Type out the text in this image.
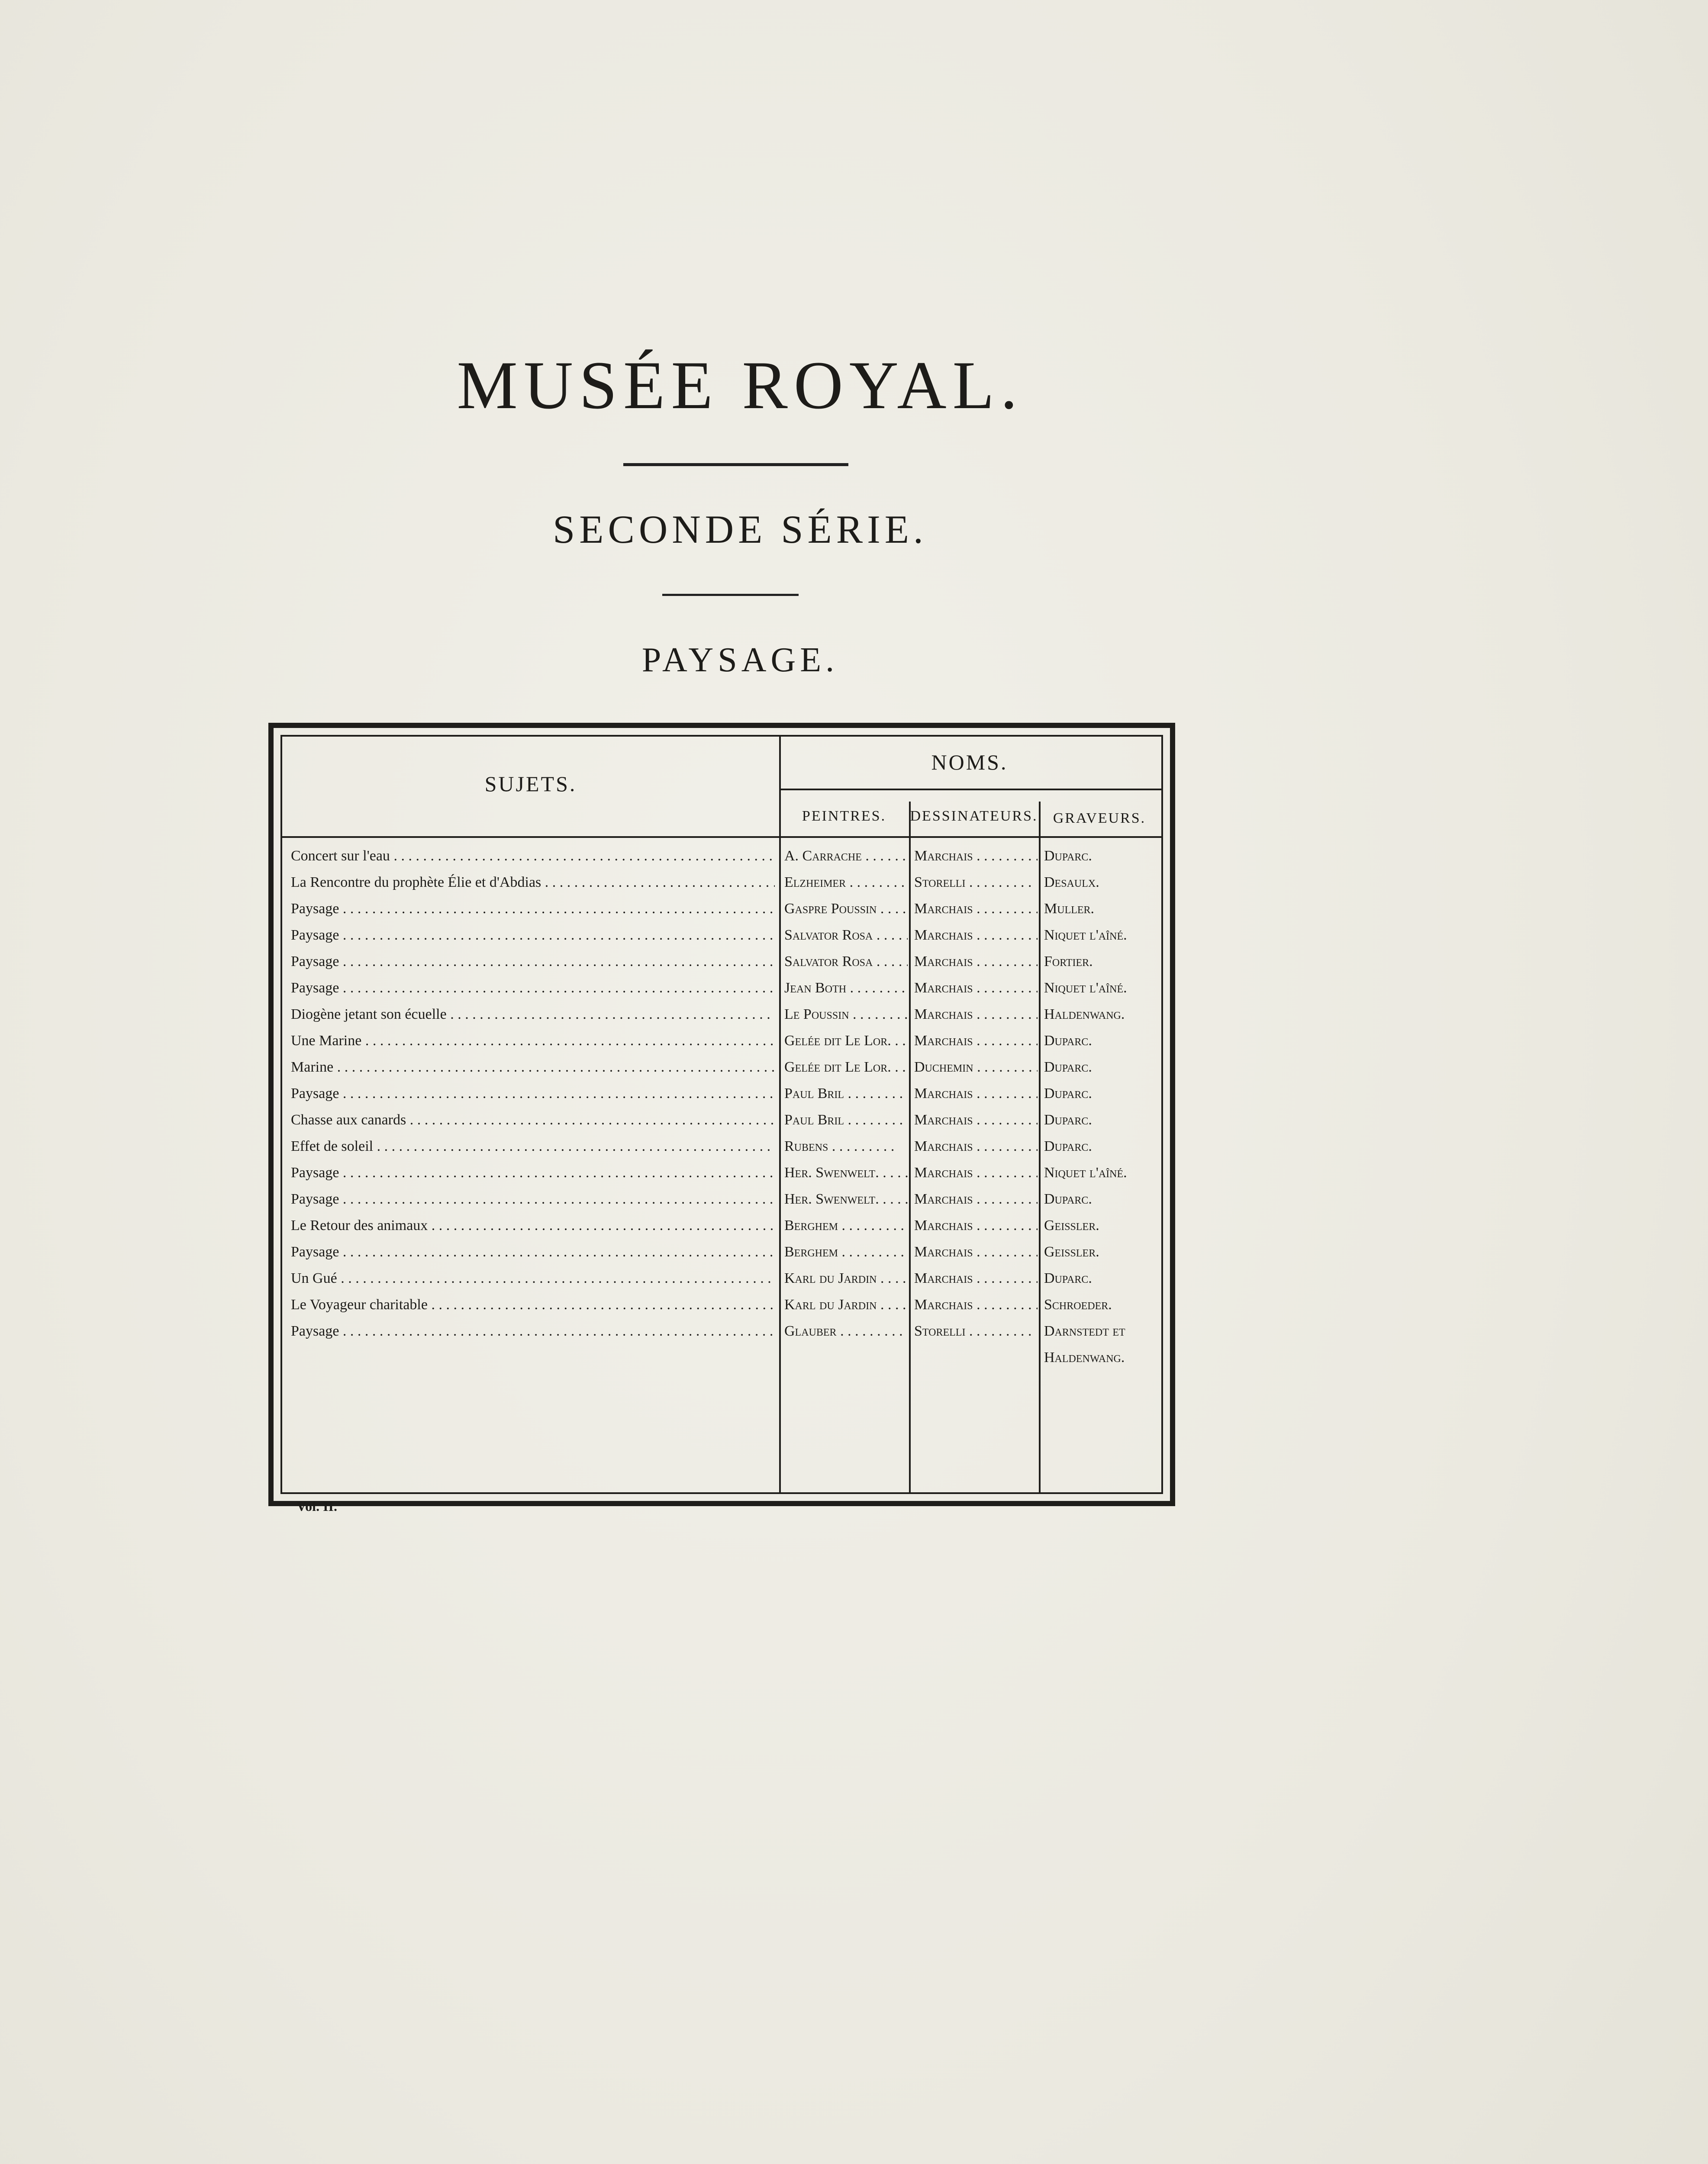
MUSÉE ROYAL.
SECONDE SÉRIE.
PAYSAGE.
SUJETS.
NOMS.
PEINTRES.	DESSINATEURS.	GRAVEURS.
Concert sur l'eau . . .	A. Carrache . . .	Marchais . . .	Duparc.
La Rencontre du prophète Élie et d'Abdias . . .	Elzheimer . . .	Storelli . . .	Desaulx.
Paysage . . .	Gaspre Poussin . . .	Marchais . . .	Muller.
Paysage . . .	Salvator Rosa . . .	Marchais . . .	Niquet l'aîné.
Paysage . . .	Salvator Rosa . . .	Marchais . . .	Fortier.
Paysage . . .	Jean Both . . .	Marchais . . .	Niquet l'aîné.
Diogène jetant son écuelle . . .	Le Poussin . . .	Marchais . . .	Haldenwang.
Une Marine . . .	Gelée dit Le Lor. . . .	Marchais . . .	Duparc.
Marine . . .	Gelée dit Le Lor. . . .	Duchemin . . .	Duparc.
Paysage . . .	Paul Bril . . .	Marchais . . .	Duparc.
Chasse aux canards . . .	Paul Bril . . .	Marchais . . .	Duparc.
Effet de soleil . . .	Rubens . . .	Marchais . . .	Duparc.
Paysage . . .	Her. Swenwelt. . . .	Marchais . . .	Niquet l'aîné.
Paysage . . .	Her. Swenwelt. . . .	Marchais . . .	Duparc.
Le Retour des animaux . . .	Berghem . . .	Marchais . . .	Geissler.
Paysage . . .	Berghem . . .	Marchais . . .	Geissler.
Un Gué . . .	Karl du Jardin . . .	Marchais . . .	Duparc.
Le Voyageur charitable . . .	Karl du Jardin . . .	Marchais . . .	Schroeder.
Paysage . . .	Glauber . . .	Storelli . . .	Darnstedt et
Haldenwang.
Vol. II.
